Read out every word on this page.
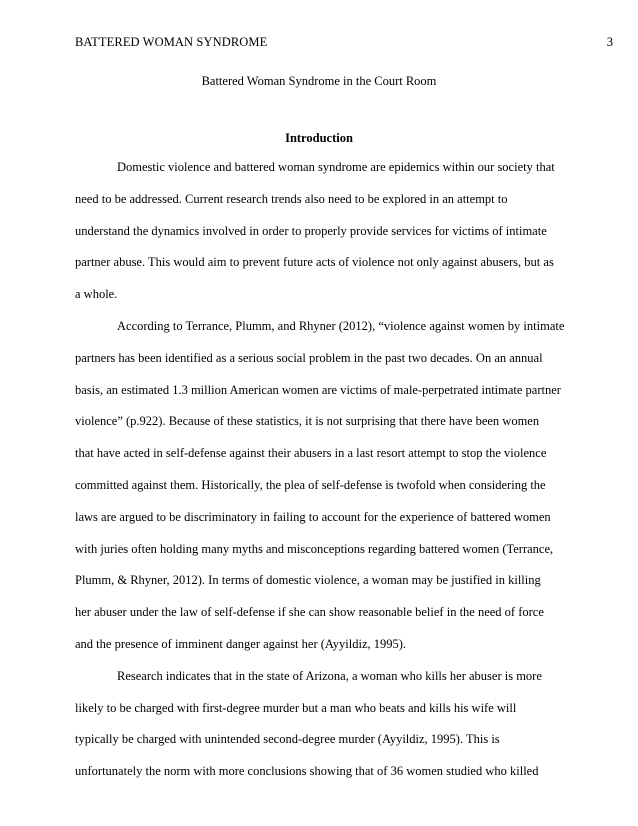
BATTERED WOMAN SYNDROME	3
Battered Woman Syndrome in the Court Room
Introduction
Domestic violence and battered woman syndrome are epidemics within our society that
need to be addressed. Current research trends also need to be explored in an attempt to
understand the dynamics involved in order to properly provide services for victims of intimate
partner abuse. This would aim to prevent future acts of violence not only against abusers, but as
a whole.
According to Terrance, Plumm, and Rhyner (2012), “violence against women by intimate
partners has been identified as a serious social problem in the past two decades. On an annual
basis, an estimated 1.3 million American women are victims of male-perpetrated intimate partner
violence” (p.922). Because of these statistics, it is not surprising that there have been women
that have acted in self-defense against their abusers in a last resort attempt to stop the violence
committed against them. Historically, the plea of self-defense is twofold when considering the
laws are argued to be discriminatory in failing to account for the experience of battered women
with juries often holding many myths and misconceptions regarding battered women (Terrance,
Plumm, & Rhyner, 2012). In terms of domestic violence, a woman may be justified in killing
her abuser under the law of self-defense if she can show reasonable belief in the need of force
and the presence of imminent danger against her (Ayyildiz, 1995).
Research indicates that in the state of Arizona, a woman who kills her abuser is more
likely to be charged with first-degree murder but a man who beats and kills his wife will
typically be charged with unintended second-degree murder (Ayyildiz, 1995). This is
unfortunately the norm with more conclusions showing that of 36 women studied who killed
